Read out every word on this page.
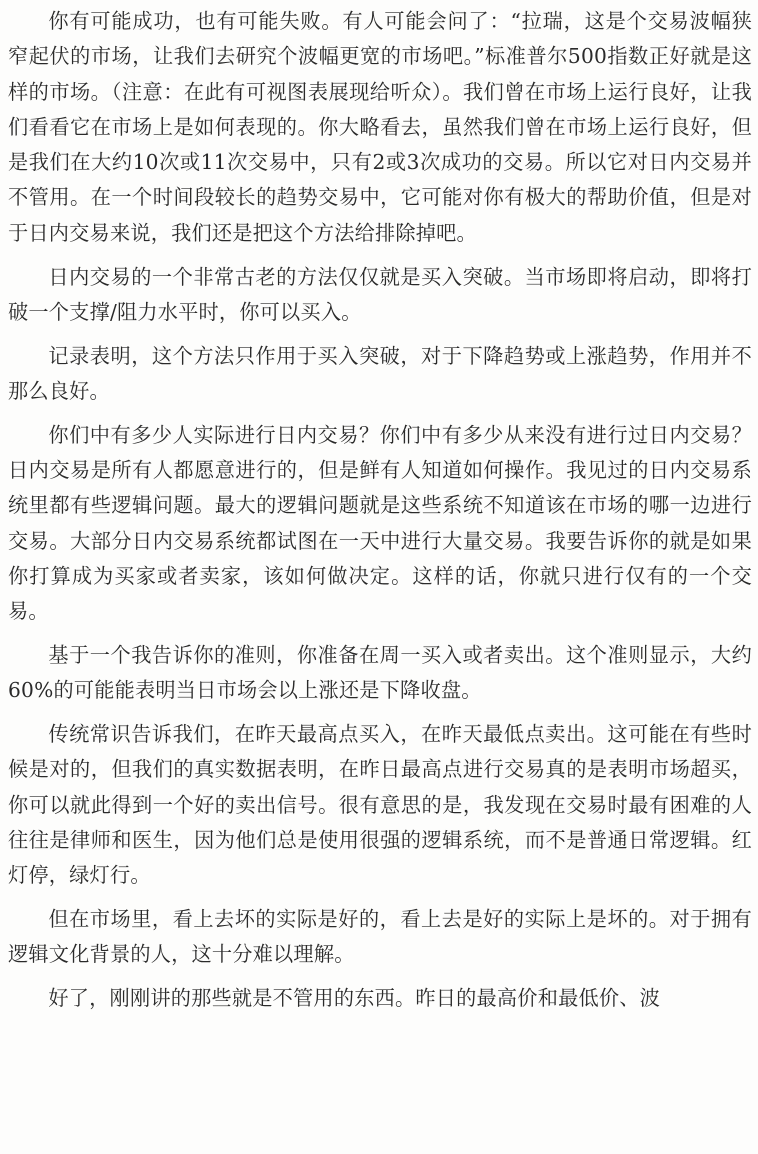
你有可能成功，也有可能失败。有人可能会问了：“拉瑞，这是个交易波幅狭窄起伏的市场，让我们去研究个波幅更宽的市场吧。”标准普尔500指数正好就是这样的市场。（注意：在此有可视图表展现给听众）。我们曾在市场上运行良好，让我们看看它在市场上是如何表现的。你大略看去，虽然我们曾在市场上运行良好，但是我们在大约10次或11次交易中，只有2或3次成功的交易。所以它对日内交易并不管用。在一个时间段较长的趋势交易中，它可能对你有极大的帮助价值，但是对于日内交易来说，我们还是把这个方法给排除掉吧。

日内交易的一个非常古老的方法仅仅就是买入突破。当市场即将启动，即将打破一个支撑/阻力水平时，你可以买入。

记录表明，这个方法只作用于买入突破，对于下降趋势或上涨趋势，作用并不那么良好。

你们中有多少人实际进行日内交易？你们中有多少从来没有进行过日内交易？日内交易是所有人都愿意进行的，但是鲜有人知道如何操作。我见过的日内交易系统里都有些逻辑问题。最大的逻辑问题就是这些系统不知道该在市场的哪一边进行交易。大部分日内交易系统都试图在一天中进行大量交易。我要告诉你的就是如果你打算成为买家或者卖家，该如何做决定。这样的话，你就只进行仅有的一个交易。

基于一个我告诉你的准则，你准备在周一买入或者卖出。这个准则显示，大约60%的可能能表明当日市场会以上涨还是下降收盘。

传统常识告诉我们，在昨天最高点买入，在昨天最低点卖出。这可能在有些时候是对的，但我们的真实数据表明，在昨日最高点进行交易真的是表明市场超买，你可以就此得到一个好的卖出信号。很有意思的是，我发现在交易时最有困难的人往往是律师和医生，因为他们总是使用很强的逻辑系统，而不是普通日常逻辑。红灯停，绿灯行。

但在市场里，看上去坏的实际是好的，看上去是好的实际上是坏的。对于拥有逻辑文化背景的人，这十分难以理解。

好了，刚刚讲的那些就是不管用的东西。昨日的最高价和最低价、波
